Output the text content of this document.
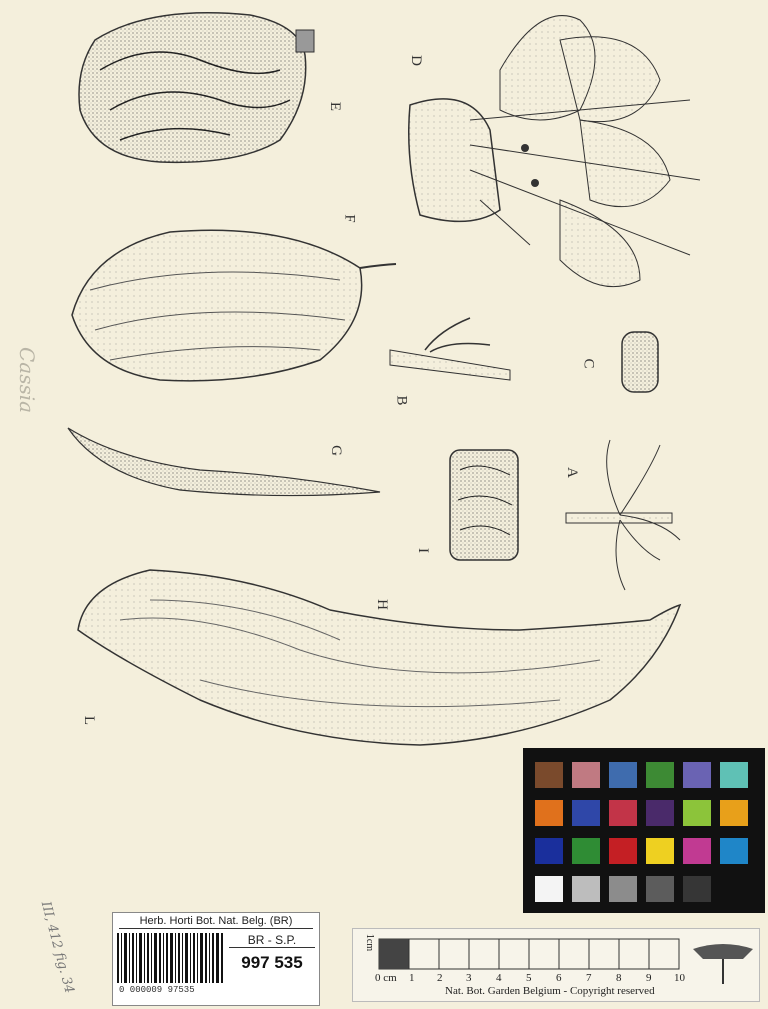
D
E
F
C
B
G
A
I
H
L
Cassia
III, 412 fig. 34	Herb. Horti Bot. Nat. Belg. (BR)
0 000009 97535
BR - S.P.
997 535
1cm
0 cm 1 2 3 4 5 6 7 8 9 10
Nat. Bot. Garden Belgium - Copyright reserved
